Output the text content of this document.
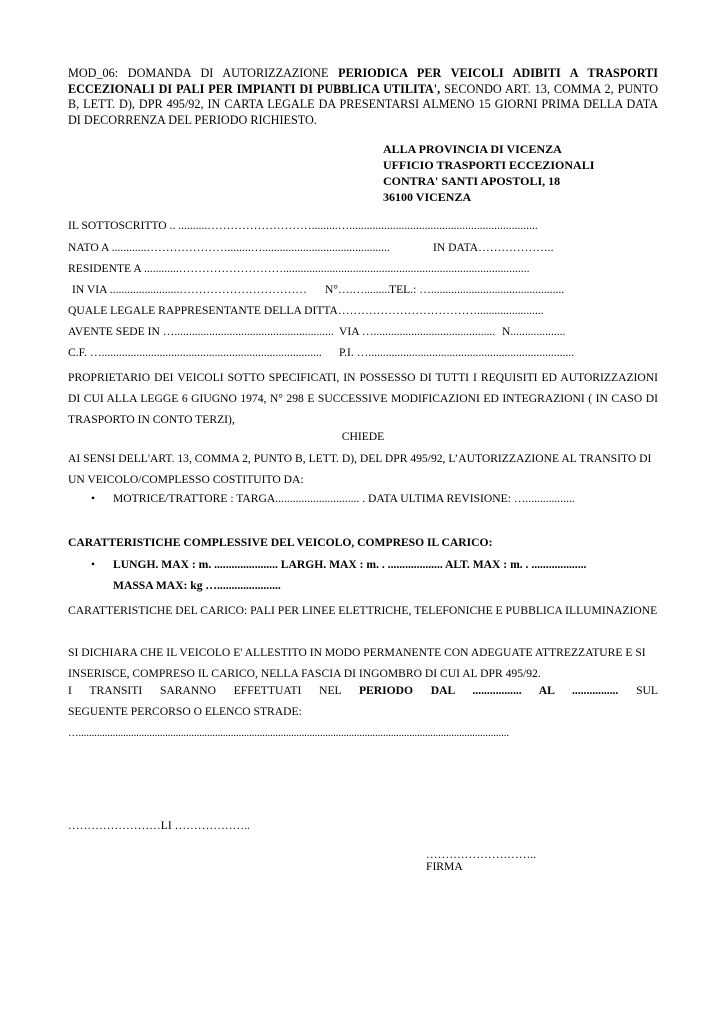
MOD_06: DOMANDA DI AUTORIZZAZIONE PERIODICA PER VEICOLI ADIBITI A TRASPORTI ECCEZIONALI DI PALI PER IMPIANTI DI PUBBLICA UTILITA', SECONDO ART. 13, COMMA 2, PUNTO B, LETT. D), DPR 495/92, IN CARTA LEGALE DA PRESENTARSI ALMENO 15 GIORNI PRIMA DELLA DATA DI DECORRENZA DEL PERIODO RICHIESTO.
ALLA PROVINCIA DI VICENZA
UFFICIO TRASPORTI ECCEZIONALI
CONTRA' SANTI APOSTOLI, 18
36100 VICENZA
IL SOTTOSCRITTO .. ..........……………………….........….................................................................
NATO A ............…………………........…............................................	IN DATA………………..
RESIDENTE A ............……………………….....................................................................................
IN VIA ........................…………………………… N°….….........
TEL.: …..............................................
QUALE LEGALE RAPPRESENTANTE DELLA DITTA……………………………….......................
AVENTE SEDE IN …....................................................... VIA ….......................................... N...................
C.F. …............................................................................ P.I. ….......................................................................
PROPRIETARIO DEI VEICOLI SOTTO SPECIFICATI, IN POSSESSO DI TUTTI I REQUISITI ED AUTORIZZAZIONI DI CUI ALLA LEGGE 6 GIUGNO 1974, N° 298 E SUCCESSIVE MODIFICAZIONI ED INTEGRAZIONI ( IN CASO DI TRASPORTO IN CONTO TERZI),
CHIEDE
AI SENSI DELL'ART. 13, COMMA 2, PUNTO B, LETT. D), DEL DPR 495/92, L’AUTORIZZAZIONE AL TRANSITO DI UN VEICOLO/COMPLESSO COSTITUITO DA:
• MOTRICE/TRATTORE : TARGA............................. . DATA ULTIMA REVISIONE: ….................
CARATTERISTICHE COMPLESSIVE DEL VEICOLO, COMPRESO IL CARICO:
• LUNGH. MAX : m. ...................... LARGH. MAX : m. . ................... ALT. MAX : m. . ...................
MASSA MAX: kg …......................
CARATTERISTICHE DEL CARICO: PALI PER LINEE ELETTRICHE, TELEFONICHE E PUBBLICA ILLUMINAZIONE
SI DICHIARA CHE IL VEICOLO E' ALLESTITO IN MODO PERMANENTE CON ADEGUATE ATTREZZATURE E SI INSERISCE, COMPRESO IL CARICO, NELLA FASCIA DI INGOMBRO DI CUI AL DPR 495/92.
I TRANSITI SARANNO EFFETTUATI NEL PERIODO DAL ................. AL ................ SUL
SEGUENTE PERCORSO O ELENCO STRADE:
…....................................................................................................................................................................
……………………LI ………………..
………………………..
FIRMA
